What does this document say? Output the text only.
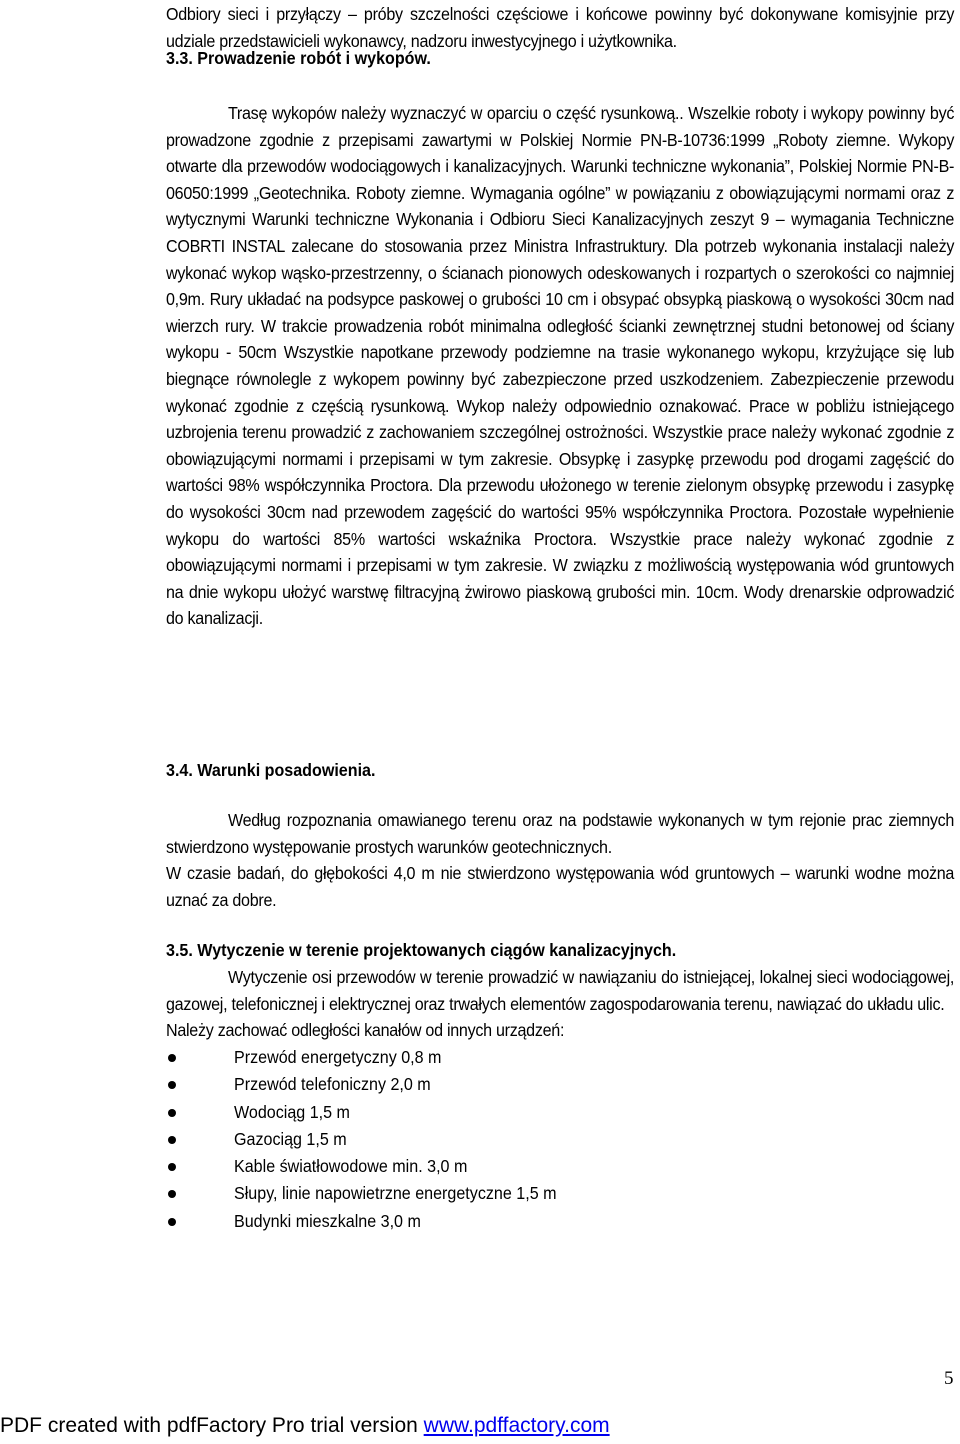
Odbiory sieci i przyłączy – próby szczelności częściowe i końcowe powinny być dokonywane komisyjnie przy udziale przedstawicieli wykonawcy, nadzoru inwestycyjnego i użytkownika.

3.3. Prowadzenie robót i wykopów.

Trasę wykopów należy wyznaczyć w oparciu o część rysunkową.. Wszelkie roboty i wykopy powinny być prowadzone zgodnie z przepisami zawartymi w Polskiej Normie PN-B-10736:1999 „Roboty ziemne. Wykopy otwarte dla przewodów wodociągowych i kanalizacyjnych. Warunki techniczne wykonania”, Polskiej Normie PN-B-06050:1999 „Geotechnika. Roboty ziemne. Wymagania ogólne” w powiązaniu z obowiązującymi normami oraz z wytycznymi Warunki techniczne Wykonania i Odbioru Sieci Kanalizacyjnych zeszyt 9 – wymagania Techniczne COBRTI INSTAL zalecane do stosowania przez Ministra Infrastruktury. Dla potrzeb wykonania instalacji należy wykonać wykop wąsko-przestrzenny, o ścianach pionowych odeskowanych i rozpartych o szerokości co najmniej 0,9m. Rury układać na podsypce paskowej o grubości 10 cm i obsypać obsypką piaskową o wysokości 30cm nad wierzch rury. W trakcie prowadzenia robót minimalna odległość ścianki zewnętrznej studni betonowej od ściany wykopu - 50cm Wszystkie napotkane przewody podziemne na trasie wykonanego wykopu, krzyżujące się lub biegnące równolegle z wykopem powinny być zabezpieczone przed uszkodzeniem. Zabezpieczenie przewodu wykonać zgodnie z częścią rysunkową. Wykop należy odpowiednio oznakować. Prace w pobliżu istniejącego uzbrojenia terenu prowadzić z zachowaniem szczególnej ostrożności. Wszystkie prace należy wykonać zgodnie z obowiązującymi normami i przepisami w tym zakresie. Obsypkę i zasypkę przewodu pod drogami zagęścić do wartości 98% współczynnika Proctora. Dla przewodu ułożonego w terenie zielonym obsypkę przewodu i zasypkę do wysokości 30cm nad przewodem zagęścić do wartości 95% współczynnika Proctora. Pozostałe wypełnienie wykopu do wartości 85% wartości wskaźnika Proctora. Wszystkie prace należy wykonać zgodnie z obowiązującymi normami i przepisami w tym zakresie. W związku z możliwością występowania wód gruntowych na dnie wykopu ułożyć warstwę filtracyjną żwirowo piaskową grubości min. 10cm. Wody drenarskie odprowadzić do kanalizacji.

3.4. Warunki posadowienia.

Według rozpoznania omawianego terenu oraz na podstawie wykonanych w tym rejonie prac ziemnych stwierdzono występowanie prostych warunków geotechnicznych.

W czasie badań, do głębokości 4,0 m nie stwierdzono występowania wód gruntowych – warunki wodne można uznać za dobre.

3.5. Wytyczenie w terenie projektowanych ciągów kanalizacyjnych.

Wytyczenie osi przewodów w terenie prowadzić w nawiązaniu do istniejącej, lokalnej sieci wodociągowej, gazowej, telefonicznej i elektrycznej oraz trwałych elementów zagospodarowania terenu, nawiązać do układu ulic.

Należy zachować odległości kanałów od innych urządzeń:

Przewód energetyczny 0,8 m
Przewód telefoniczny 2,0 m
Wodociąg 1,5 m
Gazociąg 1,5 m
Kable światłowodowe min. 3,0 m
Słupy, linie napowietrzne energetyczne 1,5 m
Budynki mieszkalne 3,0 m
5
PDF created with pdfFactory Pro trial version www.pdffactory.com
